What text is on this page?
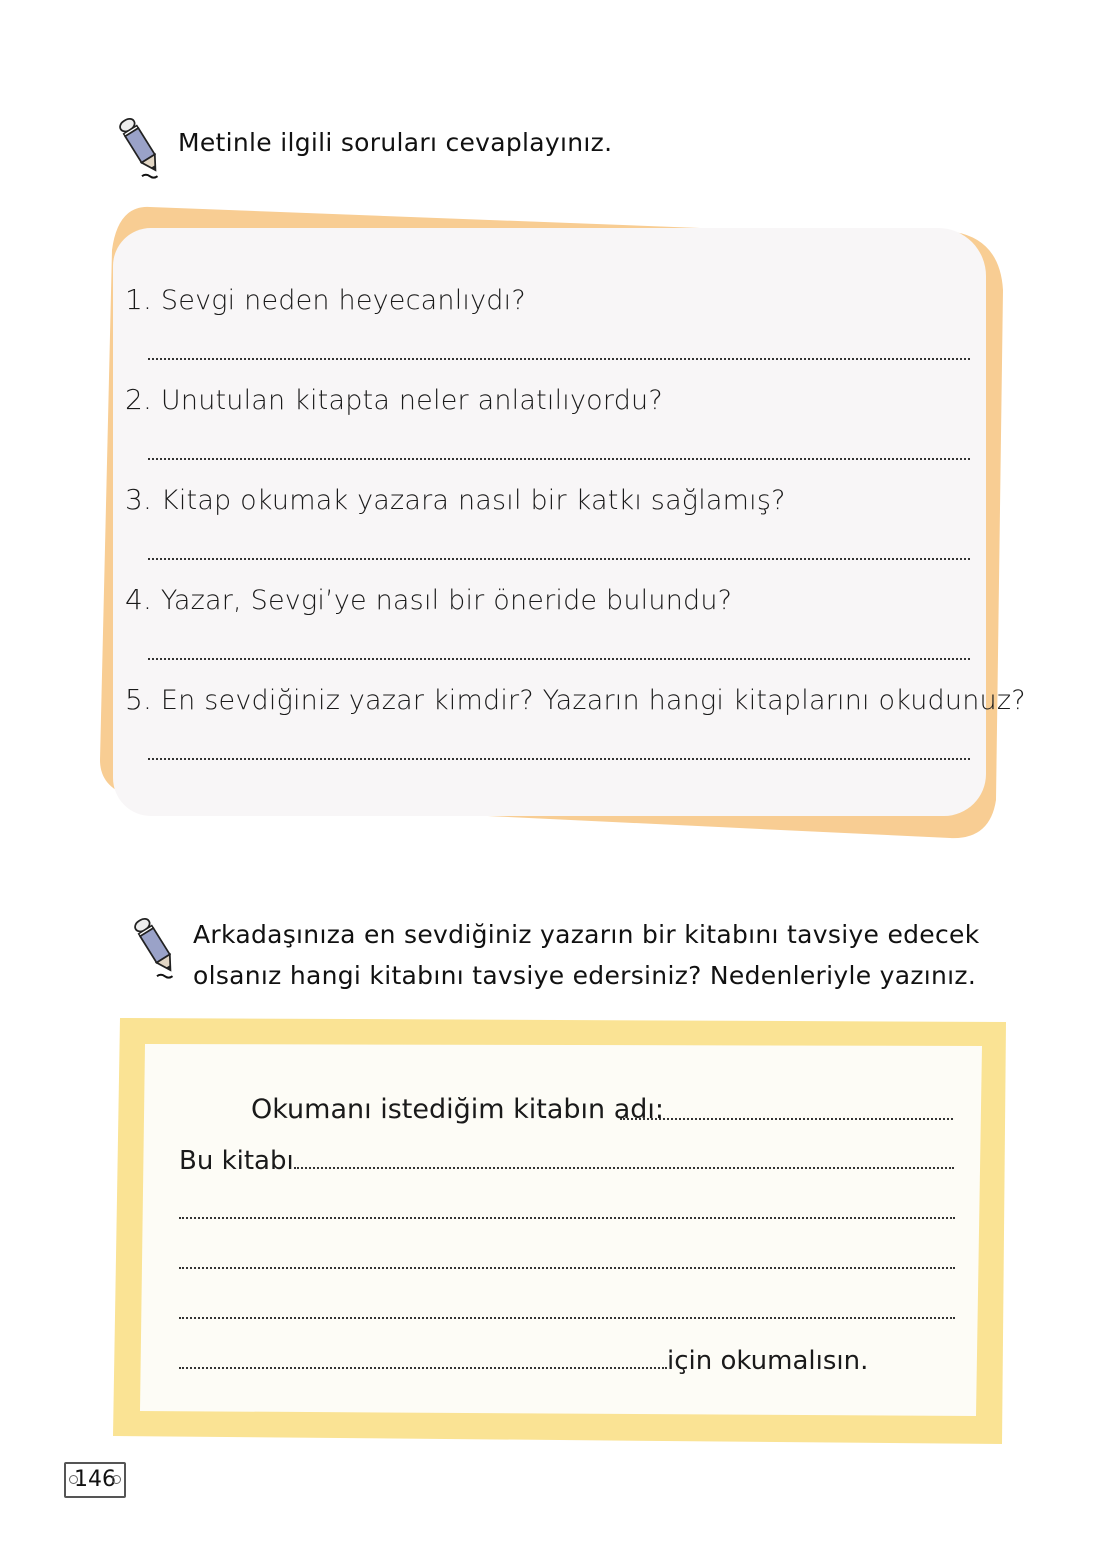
Metinle ilgili soruları cevaplayınız.
1. Sevgi neden heyecanlıydı?
2. Unutulan kitapta neler anlatılıyordu?
3. Kitap okumak yazara nasıl bir katkı sağlamış?
4. Yazar, Sevgi’ye nasıl bir öneride bulundu?
5. En sevdiğiniz yazar kimdir? Yazarın hangi kitaplarını okudunuz?
Arkadaşınıza en sevdiğiniz yazarın bir kitabını tavsiye edecek
olsanız hangi kitabını tavsiye edersiniz? Nedenleriyle yazınız.
Okumanı istediğim kitabın adı:
Bu kitabı
için okumalısın.
146
